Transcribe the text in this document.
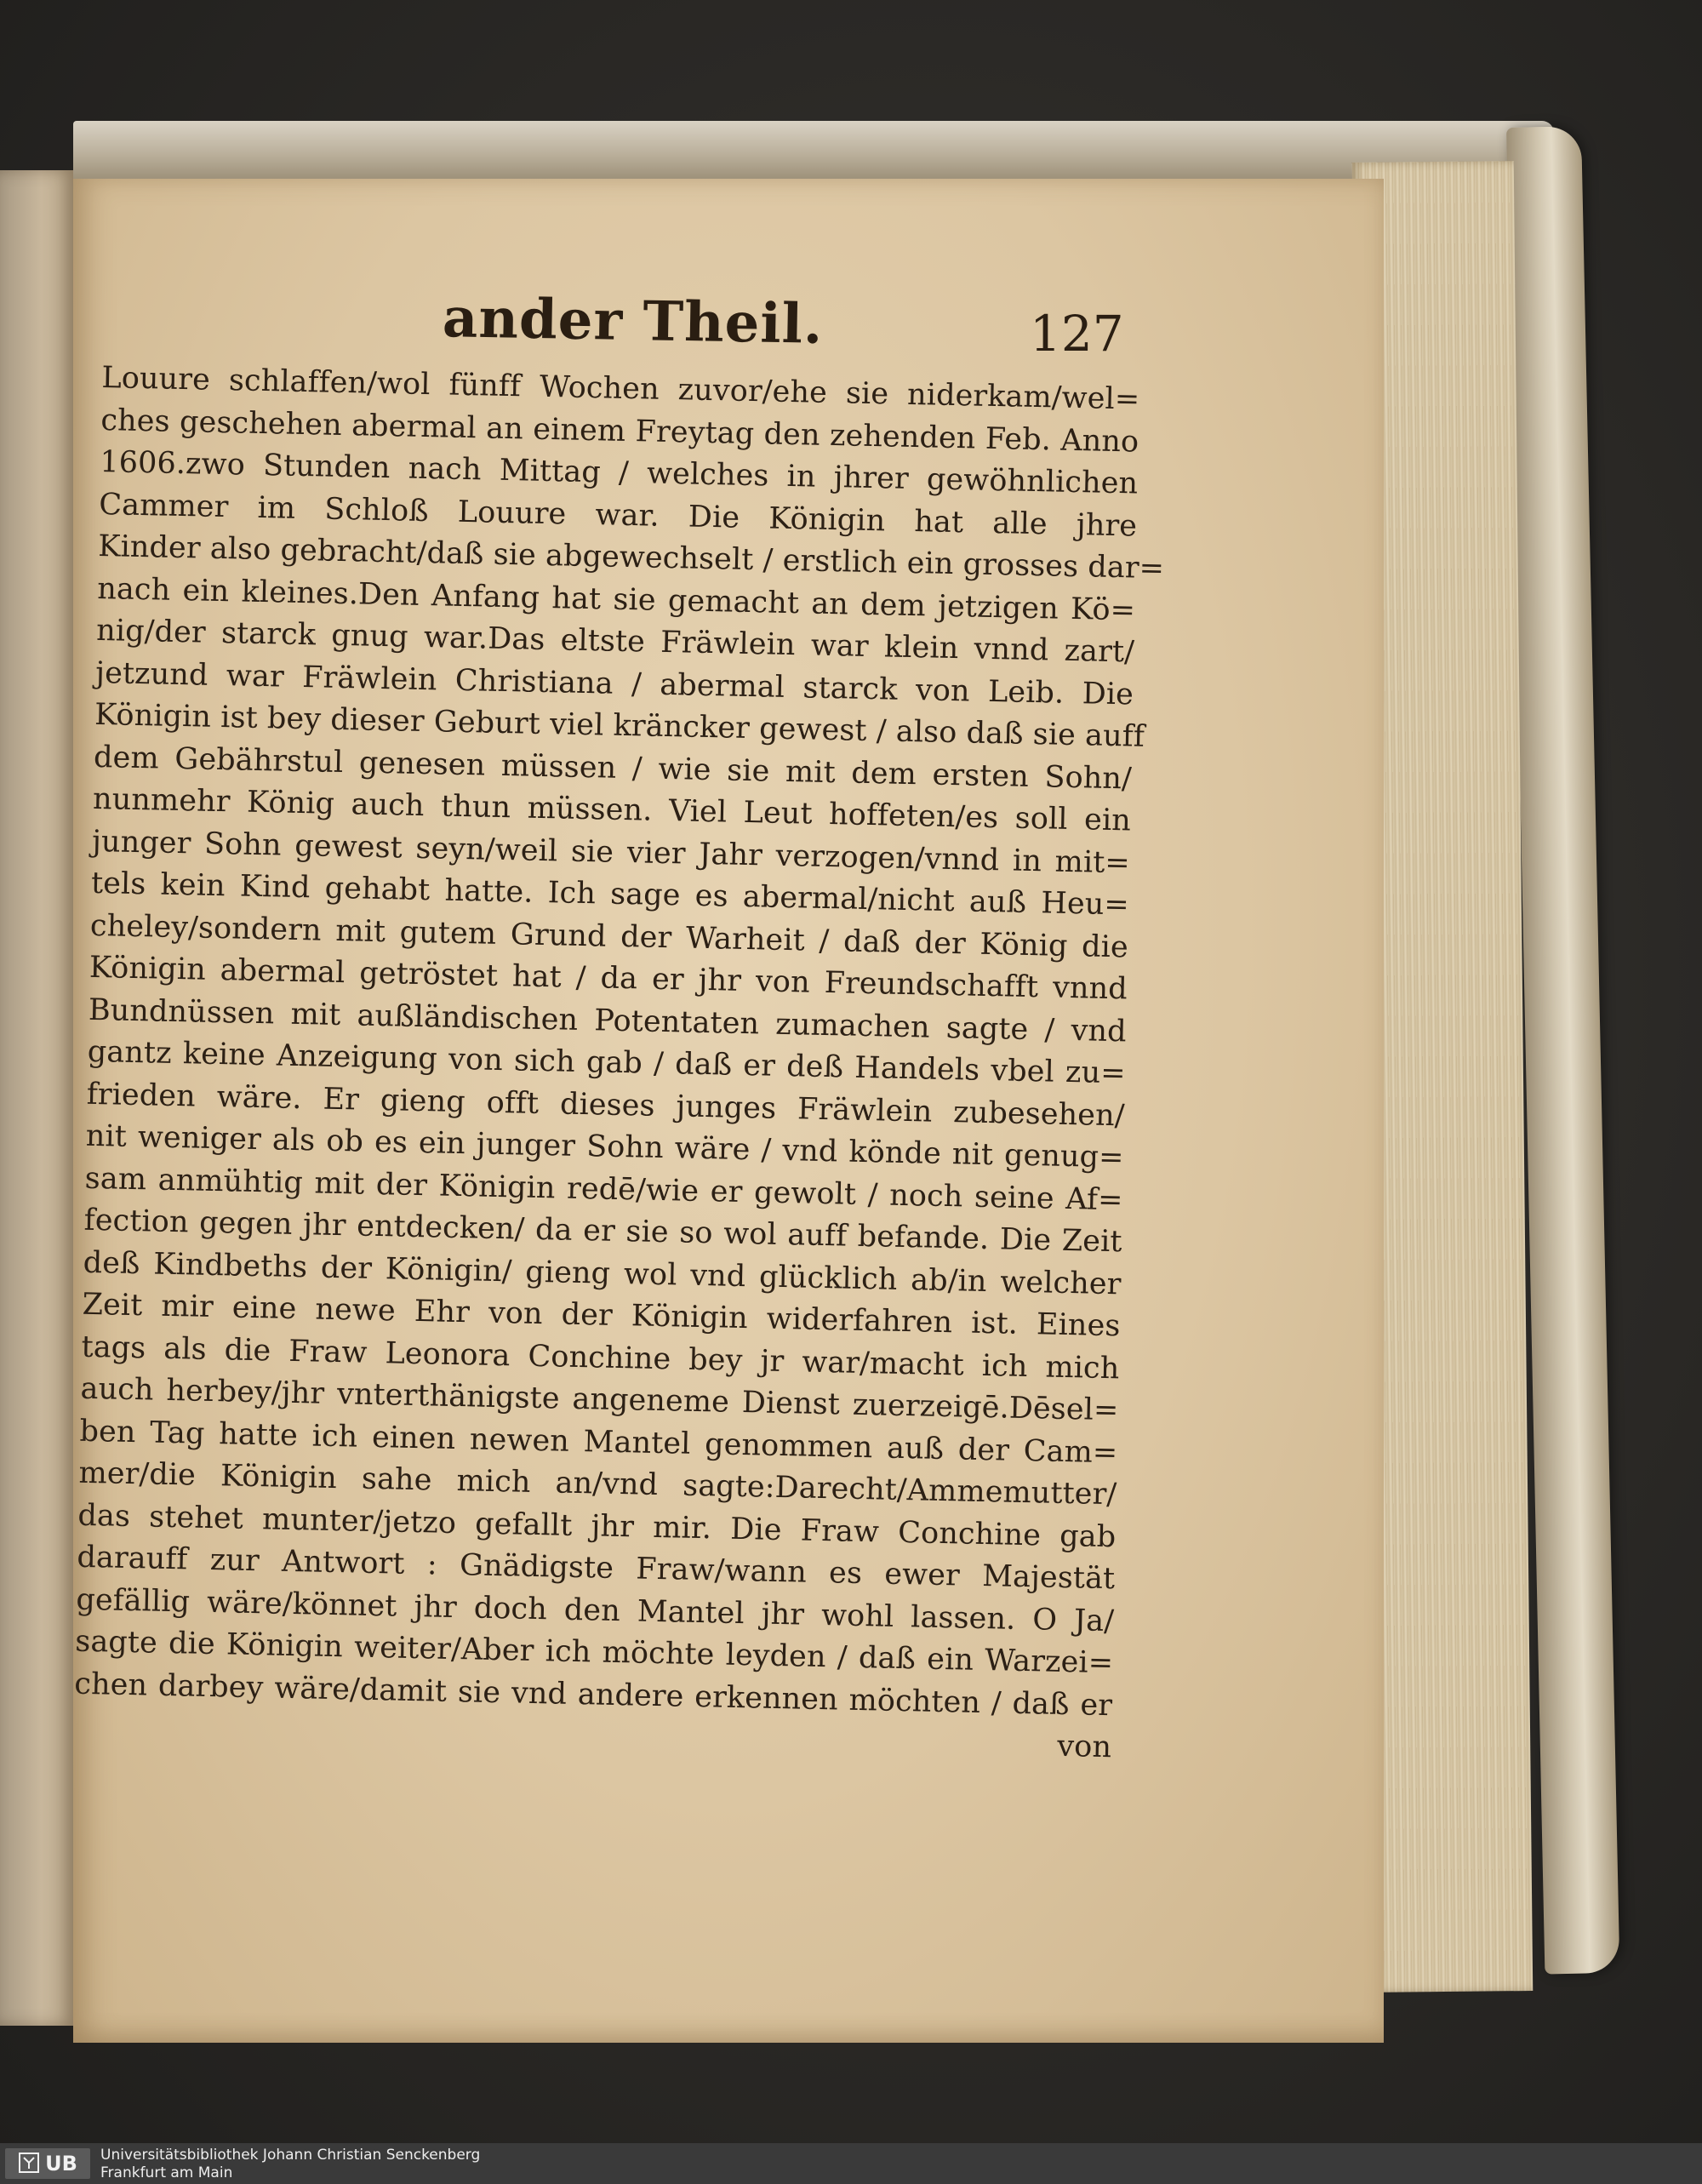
ander Theil.	127
Louure schlaffen/wol fünff Wochen zuvor/ehe sie niderkam/wel=
ches geschehen abermal an einem Freytag den zehenden Feb. Anno
1606.zwo Stunden nach Mittag / welches in jhrer gewöhnlichen
Cammer im Schloß Louure war. Die Königin hat alle jhre
Kinder also gebracht/daß sie abgewechselt / erstlich ein grosses dar=
nach ein kleines.Den Anfang hat sie gemacht an dem jetzigen Kö=
nig/der starck gnug war.Das eltste Fräwlein war klein vnnd zart/
jetzund war Fräwlein Christiana / abermal starck von Leib. Die
Königin ist bey dieser Geburt viel kräncker gewest / also daß sie auff
dem Gebährstul genesen müssen / wie sie mit dem ersten Sohn/
nunmehr König auch thun müssen. Viel Leut hoffeten/es soll ein
junger Sohn gewest seyn/weil sie vier Jahr verzogen/vnnd in mit=
tels kein Kind gehabt hatte. Ich sage es abermal/nicht auß Heu=
cheley/sondern mit gutem Grund der Warheit / daß der König die
Königin abermal getröstet hat / da er jhr von Freundschafft vnnd
Bundnüssen mit außländischen Potentaten zumachen sagte / vnd
gantz keine Anzeigung von sich gab / daß er deß Handels vbel zu=
frieden wäre. Er gieng offt dieses junges Fräwlein zubesehen/
nit weniger als ob es ein junger Sohn wäre / vnd könde nit genug=
sam anmühtig mit der Königin redē/wie er gewolt / noch seine Af=
fection gegen jhr entdecken/ da er sie so wol auff befande. Die Zeit
deß Kindbeths der Königin/ gieng wol vnd glücklich ab/in welcher
Zeit mir eine newe Ehr von der Königin widerfahren ist. Eines
tags als die Fraw Leonora Conchine bey jr war/macht ich mich
auch herbey/jhr vnterthänigste angeneme Dienst zuerzeigē.Dēsel=
ben Tag hatte ich einen newen Mantel genommen auß der Cam=
mer/die Königin sahe mich an/vnd sagte:Darecht/Ammemutter/
das stehet munter/jetzo gefallt jhr mir. Die Fraw Conchine gab
darauff zur Antwort : Gnädigste Fraw/wann es ewer Majestät
gefällig wäre/könnet jhr doch den Mantel jhr wohl lassen. O Ja/
sagte die Königin weiter/Aber ich möchte leyden / daß ein Warzei=
chen darbey wäre/damit sie vnd andere erkennen möchten / daß er
von
UB	Universitätsbibliothek Johann Christian Senckenberg
Frankfurt am Main
